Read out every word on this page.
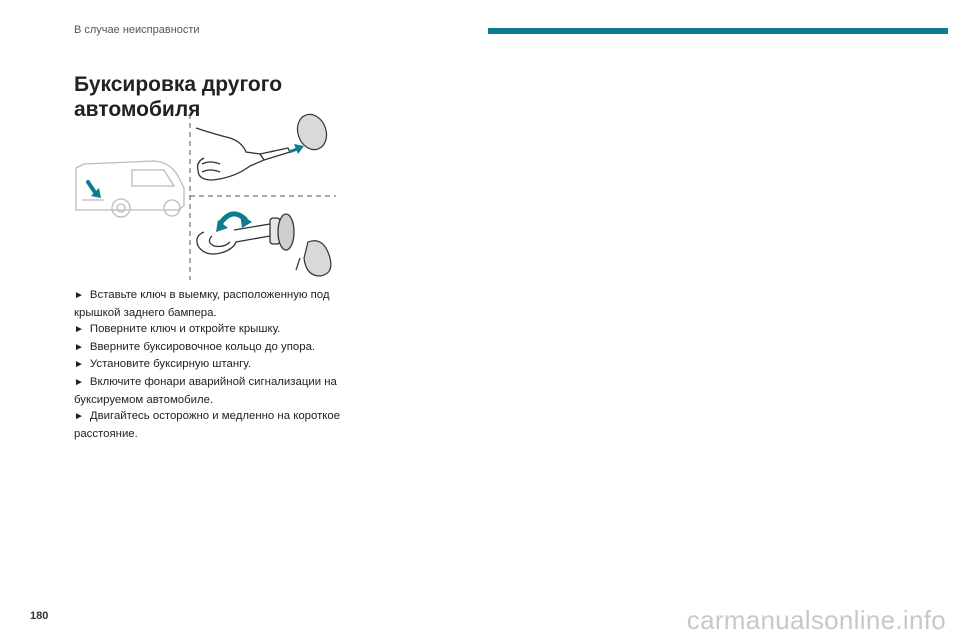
В случае неисправности
Буксировка другого
автомобиля
► Вставьте ключ в выемку, расположенную под крышкой заднего бампера.
► Поверните ключ и откройте крышку.
► Вверните буксировочное кольцо до упора.
► Установите буксирную штангу.
► Включите фонари аварийной сигнализации на буксируемом автомобиле.
► Двигайтесь осторожно и медленно на короткое расстояние.
180	carmanualsonline.info
